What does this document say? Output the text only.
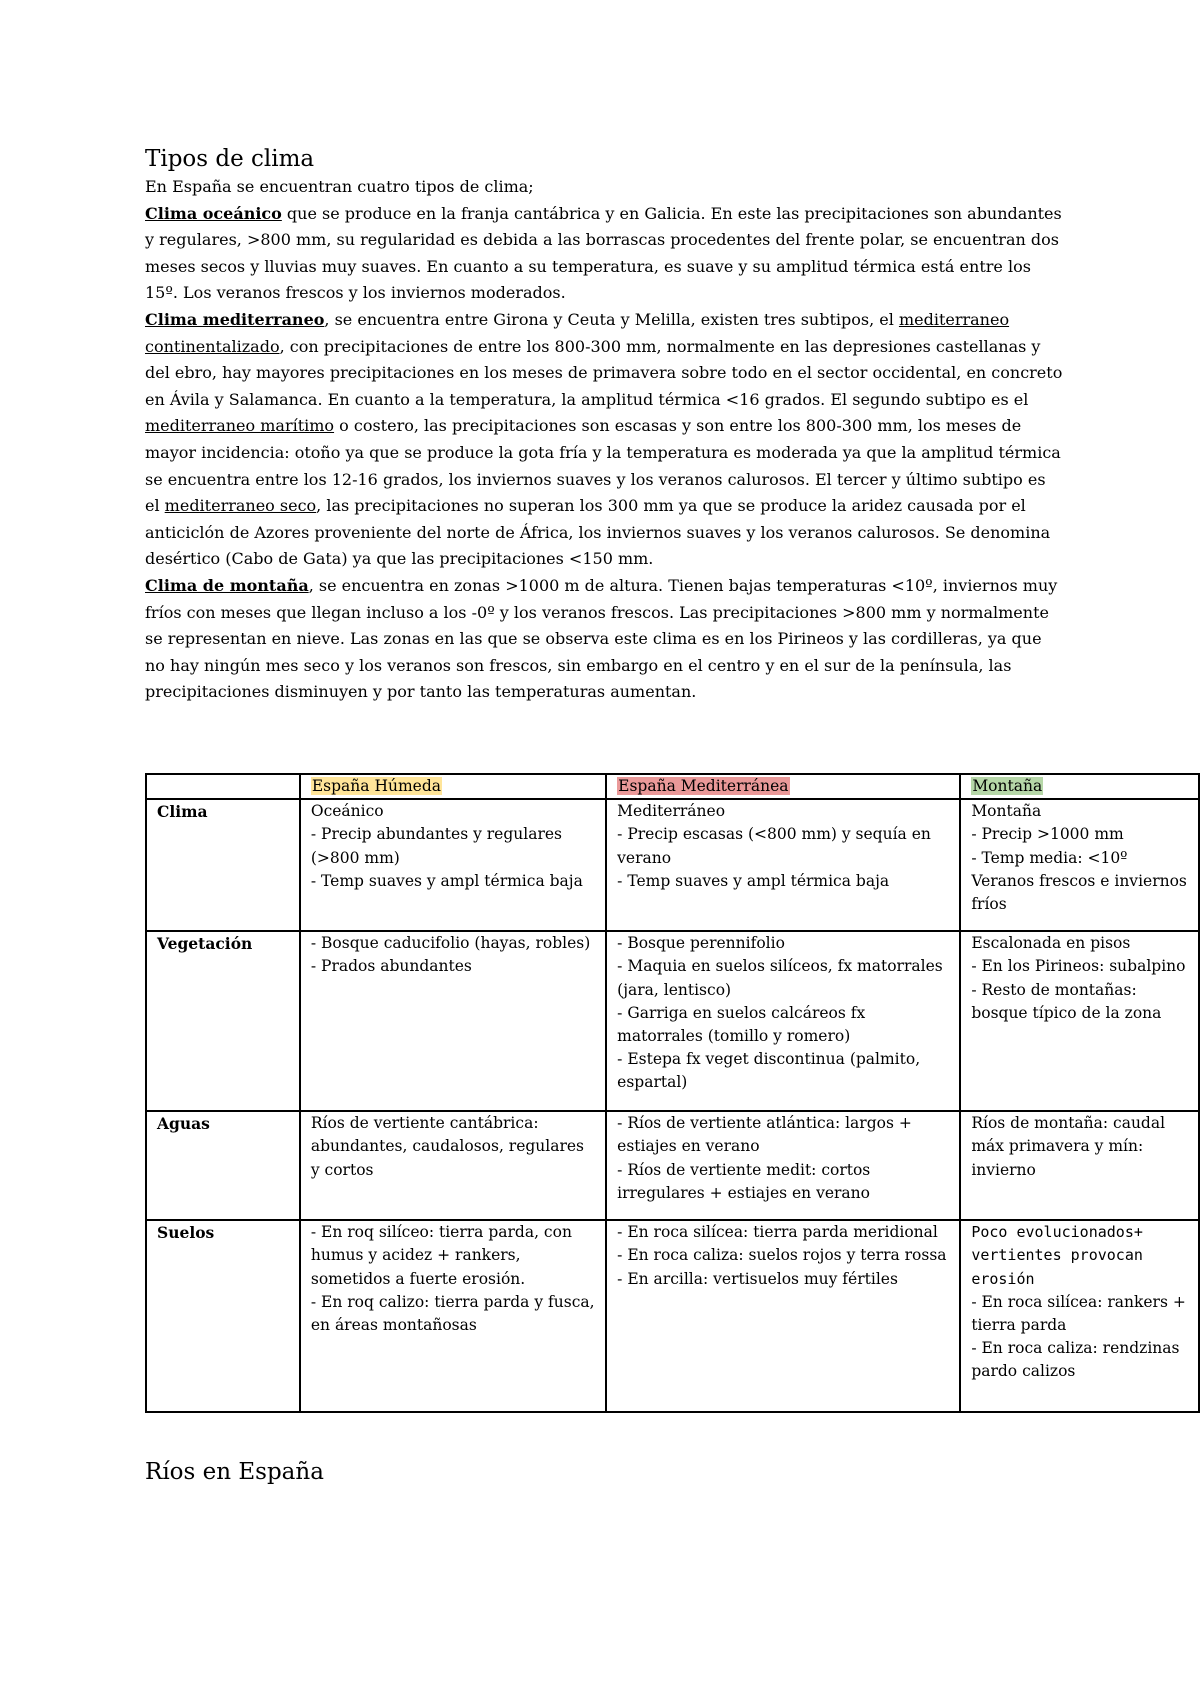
Tipos de clima

En España se encuentran cuatro tipos de clima;
Clima oceánico que se produce en la franja cantábrica y en Galicia. En este las precipitaciones son abundantes y regulares, >800 mm, su regularidad es debida a las borrascas procedentes del frente polar, se encuentran dos meses secos y lluvias muy suaves. En cuanto a su temperatura, es suave y su amplitud térmica está entre los 15º. Los veranos frescos y los inviernos moderados.
Clima mediterraneo, se encuentra entre Girona y Ceuta y Melilla, existen tres subtipos, el mediterraneo continentalizado, con precipitaciones de entre los 800-300 mm, normalmente en las depresiones castellanas y del ebro, hay mayores precipitaciones en los meses de primavera sobre todo en el sector occidental, en concreto en Ávila y Salamanca. En cuanto a la temperatura, la amplitud térmica <16 grados. El segundo subtipo es el mediterraneo marítimo o costero, las precipitaciones son escasas y son entre los 800-300 mm, los meses de mayor incidencia: otoño ya que se produce la gota fría y la temperatura es moderada ya que la amplitud térmica se encuentra entre los 12-16 grados, los inviernos suaves y los veranos calurosos. El tercer y último subtipo es el mediterraneo seco, las precipitaciones no superan los 300 mm ya que se produce la aridez causada por el anticiclón de Azores proveniente del norte de África, los inviernos suaves y los veranos calurosos. Se denomina desértico (Cabo de Gata) ya que las precipitaciones <150 mm.
Clima de montaña, se encuentra en zonas >1000 m de altura. Tienen bajas temperaturas <10º, inviernos muy fríos con meses que llegan incluso a los -0º y los veranos frescos. Las precipitaciones >800 mm y normalmente se representan en nieve. Las zonas en las que se observa este clima es en los Pirineos y las cordilleras, ya que no hay ningún mes seco y los veranos son frescos, sin embargo en el centro y en el sur de la península, las precipitaciones disminuyen y por tanto las temperaturas aumentan.

	España Húmeda	España Mediterránea	Montaña
Clima	Oceánico
- Precip abundantes y regulares (>800 mm)
- Temp suaves y ampl térmica baja	Mediterráneo
- Precip escasas (<800 mm) y sequía en verano
- Temp suaves y ampl térmica baja	Montaña
- Precip >1000 mm
- Temp media: <10º Veranos frescos e inviernos fríos

Vegetación	- Bosque caducifolio (hayas, robles)
- Prados abundantes	- Bosque perennifolio
- Maquia en suelos silíceos, fx matorrales (jara, lentisco)
- Garriga en suelos calcáreos fx matorrales (tomillo y romero)
- Estepa fx veget discontinua (palmito, espartal)	Escalonada en pisos
- En los Pirineos: subalpino
- Resto de montañas: bosque típico de la zona

Aguas	Ríos de vertiente cantábrica: abundantes, caudalosos, regulares y cortos	- Ríos de vertiente atlántica: largos + estiajes en verano
- Ríos de vertiente medit: cortos irregulares + estiajes en verano	Ríos de montaña: caudal máx primavera y mín: invierno

Suelos	- En roq silíceo: tierra parda, con humus y acidez + rankers, sometidos a fuerte erosión.
- En roq calizo: tierra parda y fusca, en áreas montañosas	- En roca silícea: tierra parda meridional
- En roca caliza: suelos rojos y terra rossa
- En arcilla: vertisuelos muy fértiles	Poco evolucionados+ vertientes provocan erosión
- En roca silícea: rankers + tierra parda
- En roca caliza: rendzinas pardo calizos
Ríos en España
